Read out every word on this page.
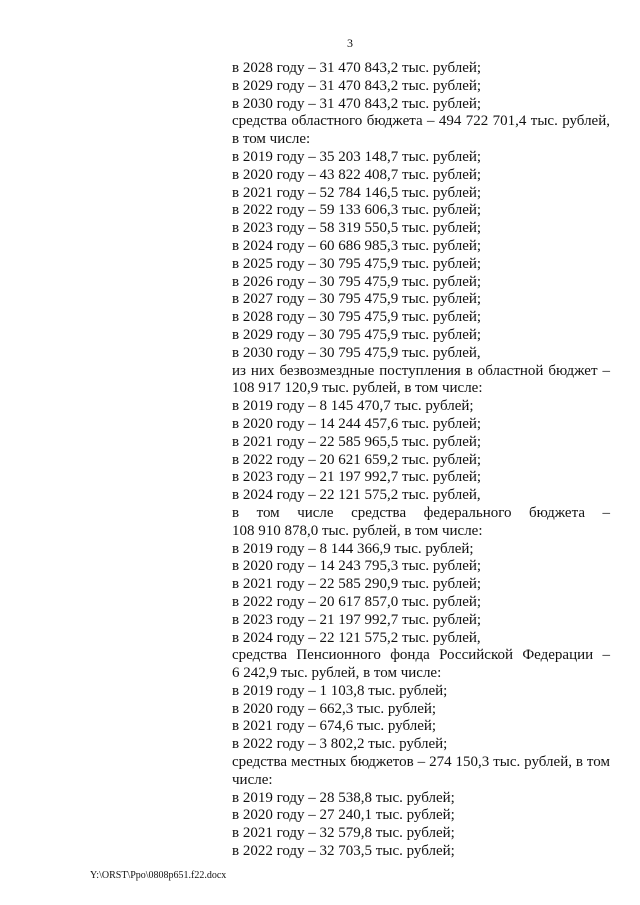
3
в 2028 году – 31 470 843,2 тыс. рублей;
в 2029 году – 31 470 843,2 тыс. рублей;
в 2030 году – 31 470 843,2 тыс. рублей;
средства областного бюджета – 494 722 701,4 тыс. рублей,
в том числе:
в 2019 году – 35 203 148,7 тыс. рублей;
в 2020 году – 43 822 408,7 тыс. рублей;
в 2021 году – 52 784 146,5 тыс. рублей;
в 2022 году – 59 133 606,3 тыс. рублей;
в 2023 году – 58 319 550,5 тыс. рублей;
в 2024 году – 60 686 985,3 тыс. рублей;
в 2025 году – 30 795 475,9 тыс. рублей;
в 2026 году – 30 795 475,9 тыс. рублей;
в 2027 году – 30 795 475,9 тыс. рублей;
в 2028 году – 30 795 475,9 тыс. рублей;
в 2029 году – 30 795 475,9 тыс. рублей;
в 2030 году – 30 795 475,9 тыс. рублей,
из них безвозмездные поступления в областной бюджет –
108 917 120,9 тыс. рублей, в том числе:
в 2019 году – 8 145 470,7 тыс. рублей;
в 2020 году – 14 244 457,6 тыс. рублей;
в 2021 году – 22 585 965,5 тыс. рублей;
в 2022 году – 20 621 659,2 тыс. рублей;
в 2023 году – 21 197 992,7 тыс. рублей;
в 2024 году – 22 121 575,2 тыс. рублей,
в том числе средства федерального бюджета –
108 910 878,0 тыс. рублей, в том числе:
в 2019 году – 8 144 366,9 тыс. рублей;
в 2020 году – 14 243 795,3 тыс. рублей;
в 2021 году – 22 585 290,9 тыс. рублей;
в 2022 году – 20 617 857,0 тыс. рублей;
в 2023 году – 21 197 992,7 тыс. рублей;
в 2024 году – 22 121 575,2 тыс. рублей,
средства Пенсионного фонда Российской Федерации –
6 242,9 тыс. рублей, в том числе:
в 2019 году – 1 103,8 тыс. рублей;
в 2020 году – 662,3 тыс. рублей;
в 2021 году – 674,6 тыс. рублей;
в 2022 году – 3 802,2 тыс. рублей;
средства местных бюджетов – 274 150,3 тыс. рублей, в том
числе:
в 2019 году – 28 538,8 тыс. рублей;
в 2020 году – 27 240,1 тыс. рублей;
в 2021 году – 32 579,8 тыс. рублей;
в 2022 году – 32 703,5 тыс. рублей;
Y:\ORST\Ppo\0808p651.f22.docx
